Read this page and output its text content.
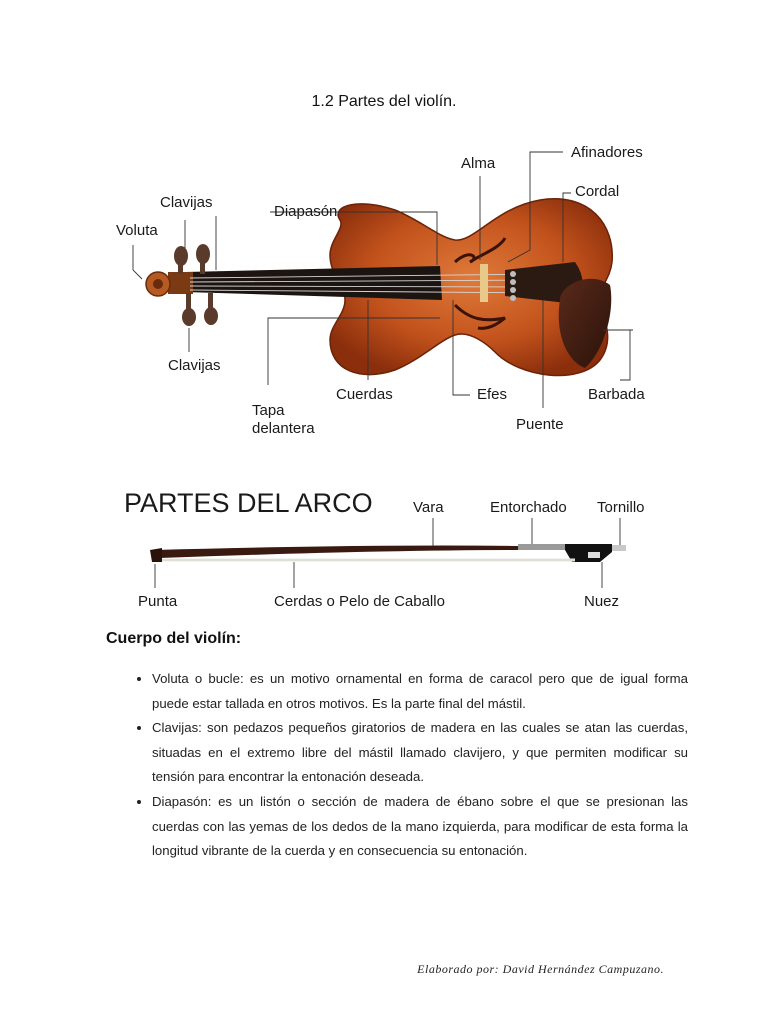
1.2 Partes del violín.
Voluta
Clavijas
Diapasón
Alma
Afinadores
Cordal
Clavijas
Tapa
delantera
Cuerdas	Efes
Puente
Barbada
PARTES DEL ARCO	Vara	Entorchado Tornillo
Punta	Cerdas o Pelo de Caballo	Nuez
Cuerpo del violín:
• Voluta o bucle: es un motivo ornamental en forma de caracol pero que de igual forma puede estar tallada en otros motivos. Es la parte final del mástil.
• Clavijas: son pedazos pequeños giratorios de madera en las cuales se atan las cuerdas, situadas en el extremo libre del mástil llamado clavijero, y que permiten modificar su tensión para encontrar la entonación deseada.
• Diapasón: es un listón o sección de madera de ébano sobre el que se presionan las cuerdas con las yemas de los dedos de la mano izquierda, para modificar de esta forma la longitud vibrante de la cuerda y en consecuencia su entonación.
Elaborado por: David Hernández Campuzano.
